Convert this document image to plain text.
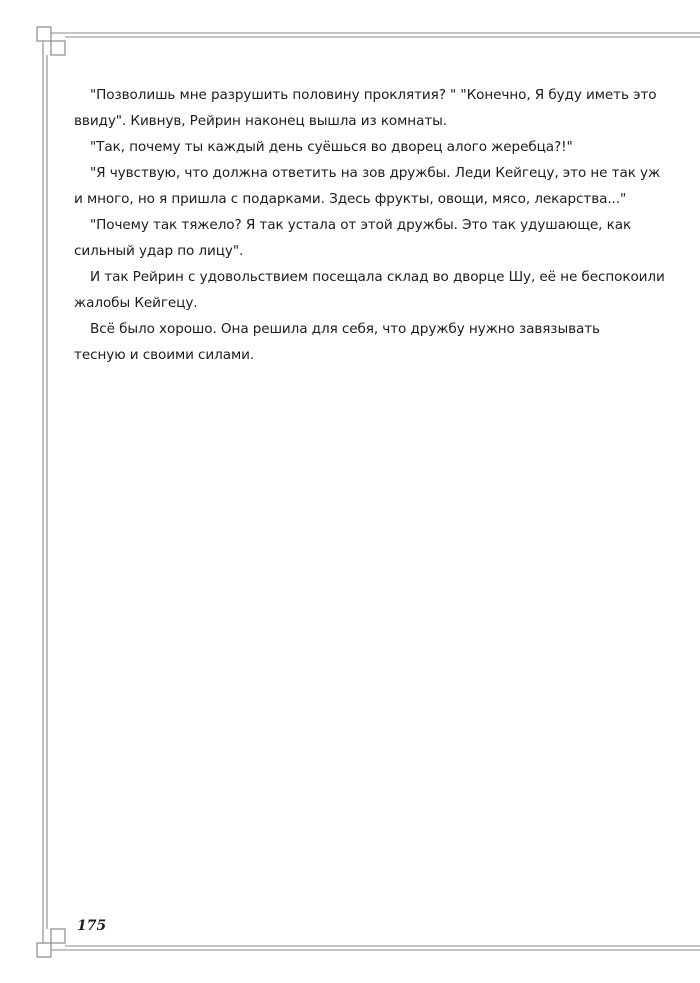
"Позволишь мне разрушить половину проклятия? " "Конечно, Я буду иметь это
ввиду". Кивнув, Рейрин наконец вышла из комнаты.

"Так, почему ты каждый день суёшься во дворец алого жеребца?!"

"Я чувствую, что должна ответить на зов дружбы. Леди Кейгецу, это не так уж
и много, но я пришла с подарками. Здесь фрукты, овощи, мясо, лекарства..."

"Почему так тяжело? Я так устала от этой дружбы. Это так удушающе, как
сильный удар по лицу".

И так Рейрин с удовольствием посещала склад во дворце Шу, её не беспокоили
жалобы Кейгецу.

Всё было хорошо. Она решила для себя, что дружбу нужно завязывать
тесную и своими силами.

175
